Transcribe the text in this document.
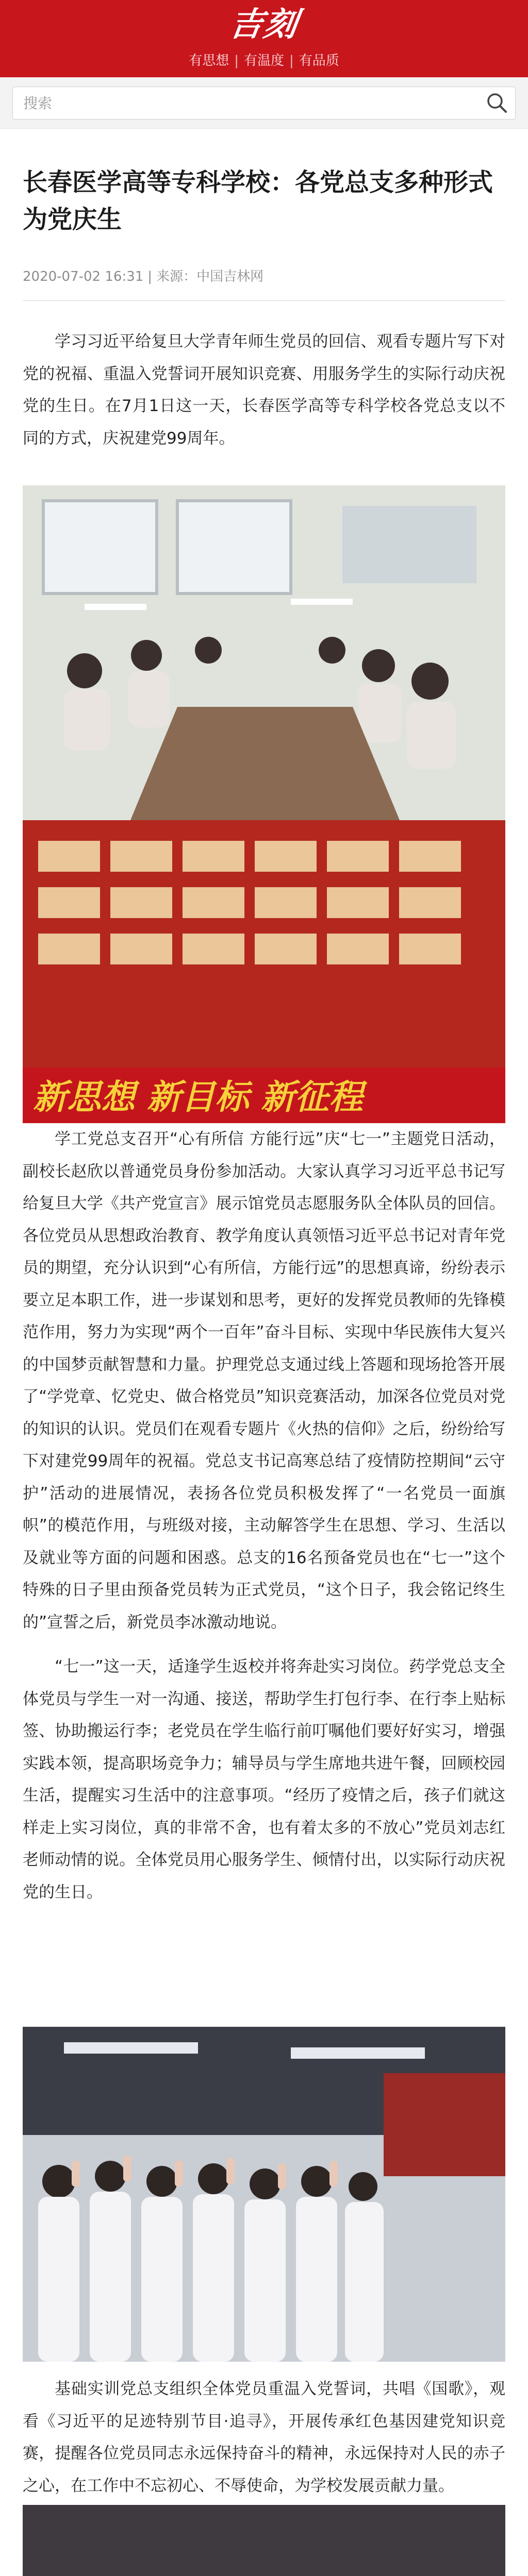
吉刻
有思想 | 有温度 | 有品质
搜索
长春医学高等专科学校：各党总支多种形式为党庆生
2020-07-02 16:31 | 来源：中国吉林网

学习习近平给复旦大学青年师生党员的回信、观看专题片写下对党的祝福、重温入党誓词开展知识竞赛、用服务学生的实际行动庆祝党的生日。在7月1日这一天，长春医学高等专科学校各党总支以不同的方式，庆祝建党99周年。

新思想 新目标 新征程

学工党总支召开“心有所信 方能行远”庆“七一”主题党日活动，副校长赵欣以普通党员身份参加活动。大家认真学习习近平总书记写给复旦大学《共产党宣言》展示馆党员志愿服务队全体队员的回信。各位党员从思想政治教育、教学角度认真领悟习近平总书记对青年党员的期望，充分认识到“心有所信，方能行远”的思想真谛，纷纷表示要立足本职工作，进一步谋划和思考，更好的发挥党员教师的先锋模范作用，努力为实现“两个一百年”奋斗目标、实现中华民族伟大复兴的中国梦贡献智慧和力量。护理党总支通过线上答题和现场抢答开展了“学党章、忆党史、做合格党员”知识竞赛活动，加深各位党员对党的知识的认识。党员们在观看专题片《火热的信仰》之后，纷纷给写下对建党99周年的祝福。党总支书记高寒总结了疫情防控期间“云守护”活动的进展情况，表扬各位党员积极发挥了“一名党员一面旗帜”的模范作用，与班级对接，主动解答学生在思想、学习、生活以及就业等方面的问题和困惑。总支的16名预备党员也在“七一”这个特殊的日子里由预备党员转为正式党员，“这个日子，我会铭记终生的”宣誓之后，新党员李冰激动地说。

“七一”这一天，适逢学生返校并将奔赴实习岗位。药学党总支全体党员与学生一对一沟通、接送，帮助学生打包行李、在行李上贴标签、协助搬运行李；老党员在学生临行前叮嘱他们要好好实习，增强实践本领，提高职场竞争力；辅导员与学生席地共进午餐，回顾校园生活，提醒实习生活中的注意事项。“经历了疫情之后，孩子们就这样走上实习岗位，真的非常不舍，也有着太多的不放心”党员刘志红老师动情的说。全体党员用心服务学生、倾情付出，以实际行动庆祝党的生日。

基础实训党总支组织全体党员重温入党誓词，共唱《国歌》，观看《习近平的足迹特别节目·追寻》，开展传承红色基因建党知识竞赛，提醒各位党员同志永远保持奋斗的精神，永远保持对人民的赤子之心，在工作中不忘初心、不辱使命，为学校发展贡献力量。
